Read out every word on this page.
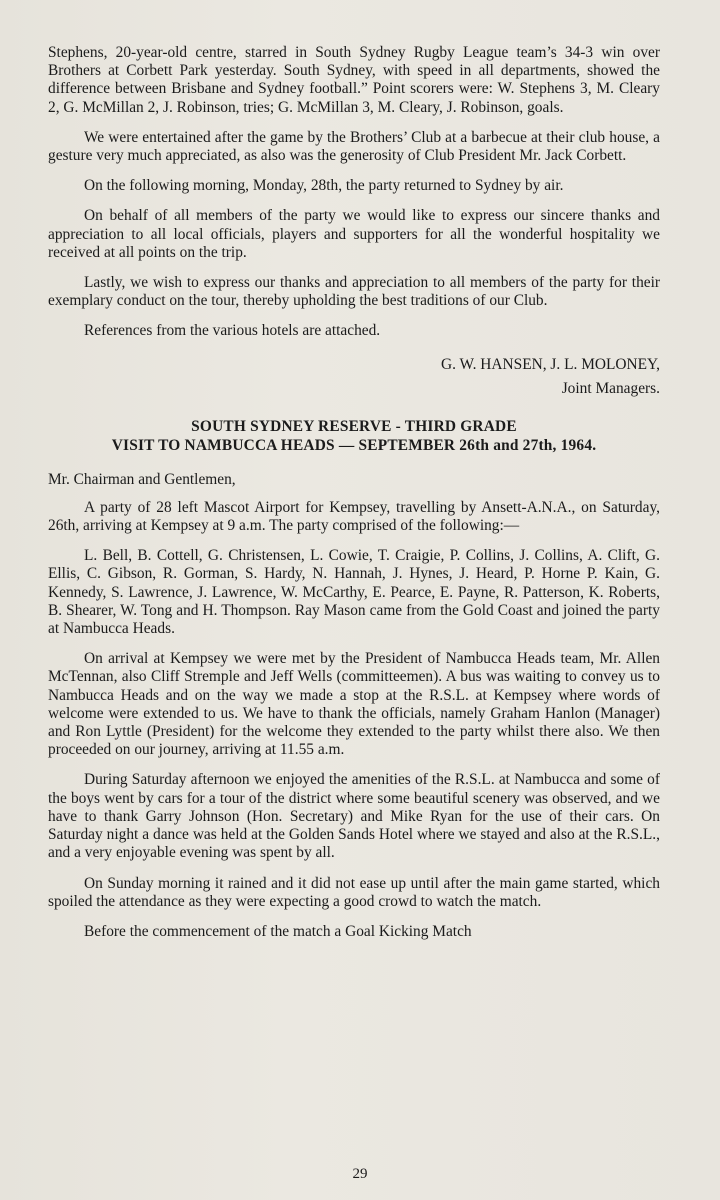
Stephens, 20-year-old centre, starred in South Sydney Rugby League team’s 34-3 win over Brothers at Corbett Park yesterday. South Sydney, with speed in all departments, showed the difference between Brisbane and Sydney football.” Point scorers were: W. Stephens 3, M. Cleary 2, G. McMillan 2, J. Robinson, tries; G. McMillan 3, M. Cleary, J. Robinson, goals.

We were entertained after the game by the Brothers’ Club at a barbecue at their club house, a gesture very much appreciated, as also was the generosity of Club President Mr. Jack Corbett.

On the following morning, Monday, 28th, the party returned to Sydney by air.

On behalf of all members of the party we would like to express our sincere thanks and appreciation to all local officials, players and supporters for all the wonderful hospitality we received at all points on the trip.

Lastly, we wish to express our thanks and appreciation to all members of the party for their exemplary conduct on the tour, thereby upholding the best traditions of our Club.

References from the various hotels are attached.

G. W. HANSEN, J. L. MOLONEY,
Joint Managers.
SOUTH SYDNEY RESERVE - THIRD GRADE
VISIT TO NAMBUCCA HEADS — SEPTEMBER 26th and 27th, 1964.

Mr. Chairman and Gentlemen,

A party of 28 left Mascot Airport for Kempsey, travelling by Ansett-A.N.A., on Saturday, 26th, arriving at Kempsey at 9 a.m. The party comprised of the following:—

L. Bell, B. Cottell, G. Christensen, L. Cowie, T. Craigie, P. Collins, J. Collins, A. Clift, G. Ellis, C. Gibson, R. Gorman, S. Hardy, N. Hannah, J. Hynes, J. Heard, P. Horne P. Kain, G. Kennedy, S. Lawrence, J. Lawrence, W. McCarthy, E. Pearce, E. Payne, R. Patterson, K. Roberts, B. Shearer, W. Tong and H. Thompson. Ray Mason came from the Gold Coast and joined the party at Nambucca Heads.

On arrival at Kempsey we were met by the President of Nambucca Heads team, Mr. Allen McTennan, also Cliff Stremple and Jeff Wells (committeemen). A bus was waiting to convey us to Nambucca Heads and on the way we made a stop at the R.S.L. at Kempsey where words of welcome were extended to us. We have to thank the officials, namely Graham Hanlon (Manager) and Ron Lyttle (President) for the welcome they extended to the party whilst there also. We then proceeded on our journey, arriving at 11.55 a.m.

During Saturday afternoon we enjoyed the amenities of the R.S.L. at Nambucca and some of the boys went by cars for a tour of the district where some beautiful scenery was observed, and we have to thank Garry Johnson (Hon. Secretary) and Mike Ryan for the use of their cars. On Saturday night a dance was held at the Golden Sands Hotel where we stayed and also at the R.S.L., and a very enjoyable evening was spent by all.

On Sunday morning it rained and it did not ease up until after the main game started, which spoiled the attendance as they were expecting a good crowd to watch the match.

Before the commencement of the match a Goal Kicking Match

29
